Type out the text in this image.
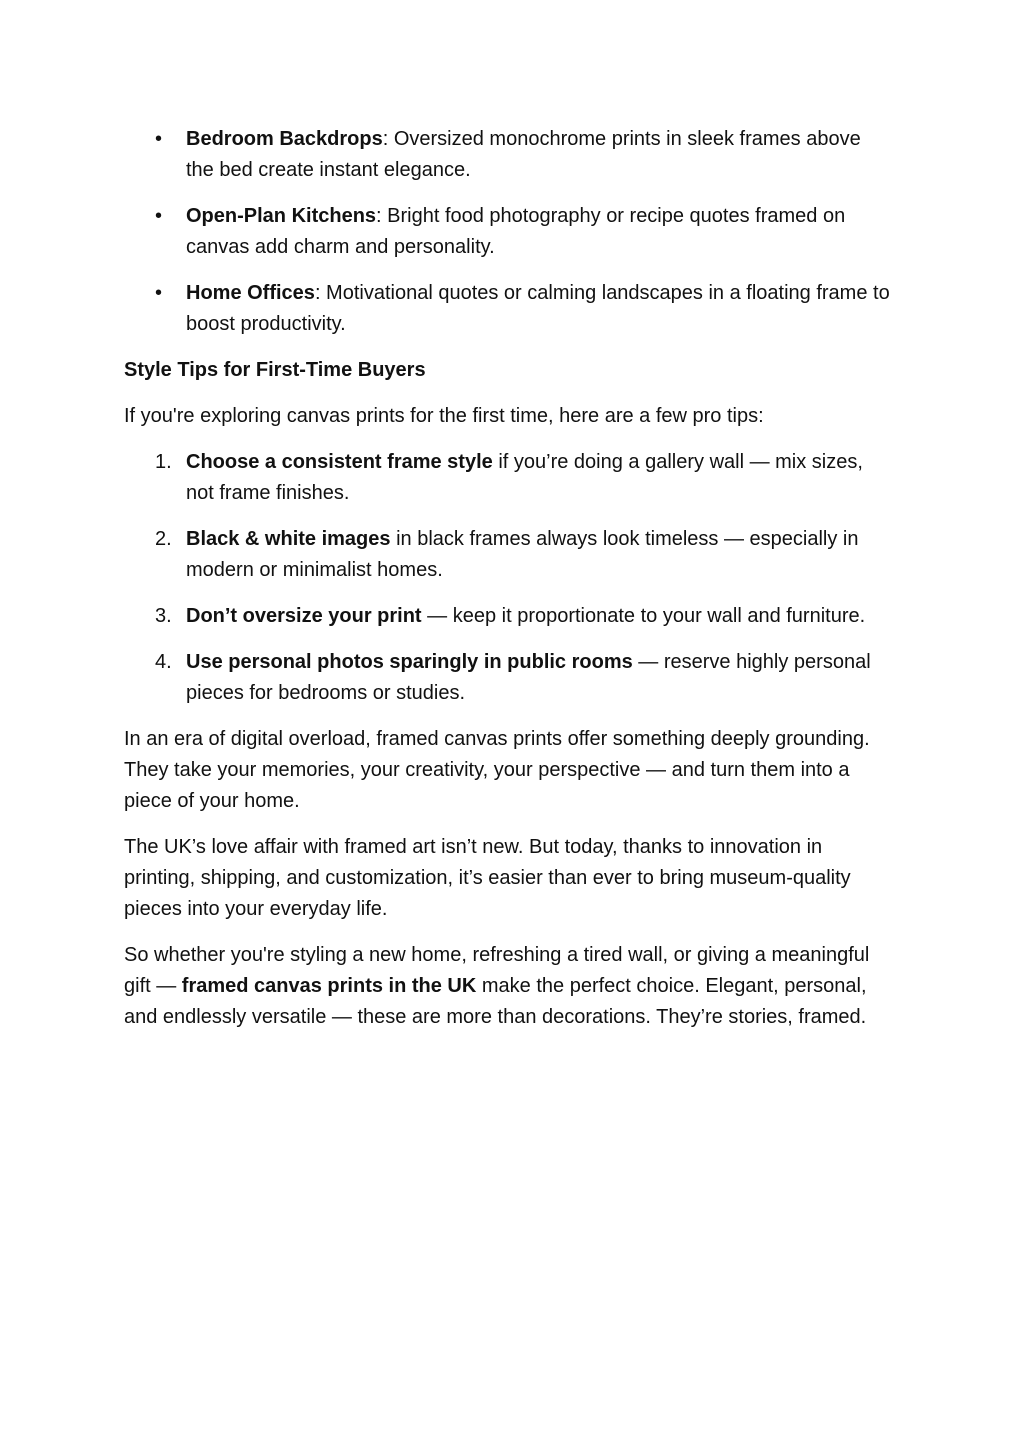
•	Bedroom Backdrops: Oversized monochrome prints in sleek frames above the bed create instant elegance.
•	Open-Plan Kitchens: Bright food photography or recipe quotes framed on canvas add charm and personality.
•	Home Offices: Motivational quotes or calming landscapes in a floating frame to boost productivity.
Style Tips for First-Time Buyers

If you're exploring canvas prints for the first time, here are a few pro tips:

1. Choose a consistent frame style if you’re doing a gallery wall — mix sizes, not frame finishes.
2. Black & white images in black frames always look timeless — especially in modern or minimalist homes.
3. Don’t oversize your print — keep it proportionate to your wall and furniture.
4. Use personal photos sparingly in public rooms — reserve highly personal pieces for bedrooms or studies.

In an era of digital overload, framed canvas prints offer something deeply grounding. They take your memories, your creativity, your perspective — and turn them into a piece of your home.

The UK’s love affair with framed art isn’t new. But today, thanks to innovation in printing, shipping, and customization, it’s easier than ever to bring museum-quality pieces into your everyday life.

So whether you're styling a new home, refreshing a tired wall, or giving a meaningful gift — framed canvas prints in the UK make the perfect choice. Elegant, personal, and endlessly versatile — these are more than decorations. They’re stories, framed.
